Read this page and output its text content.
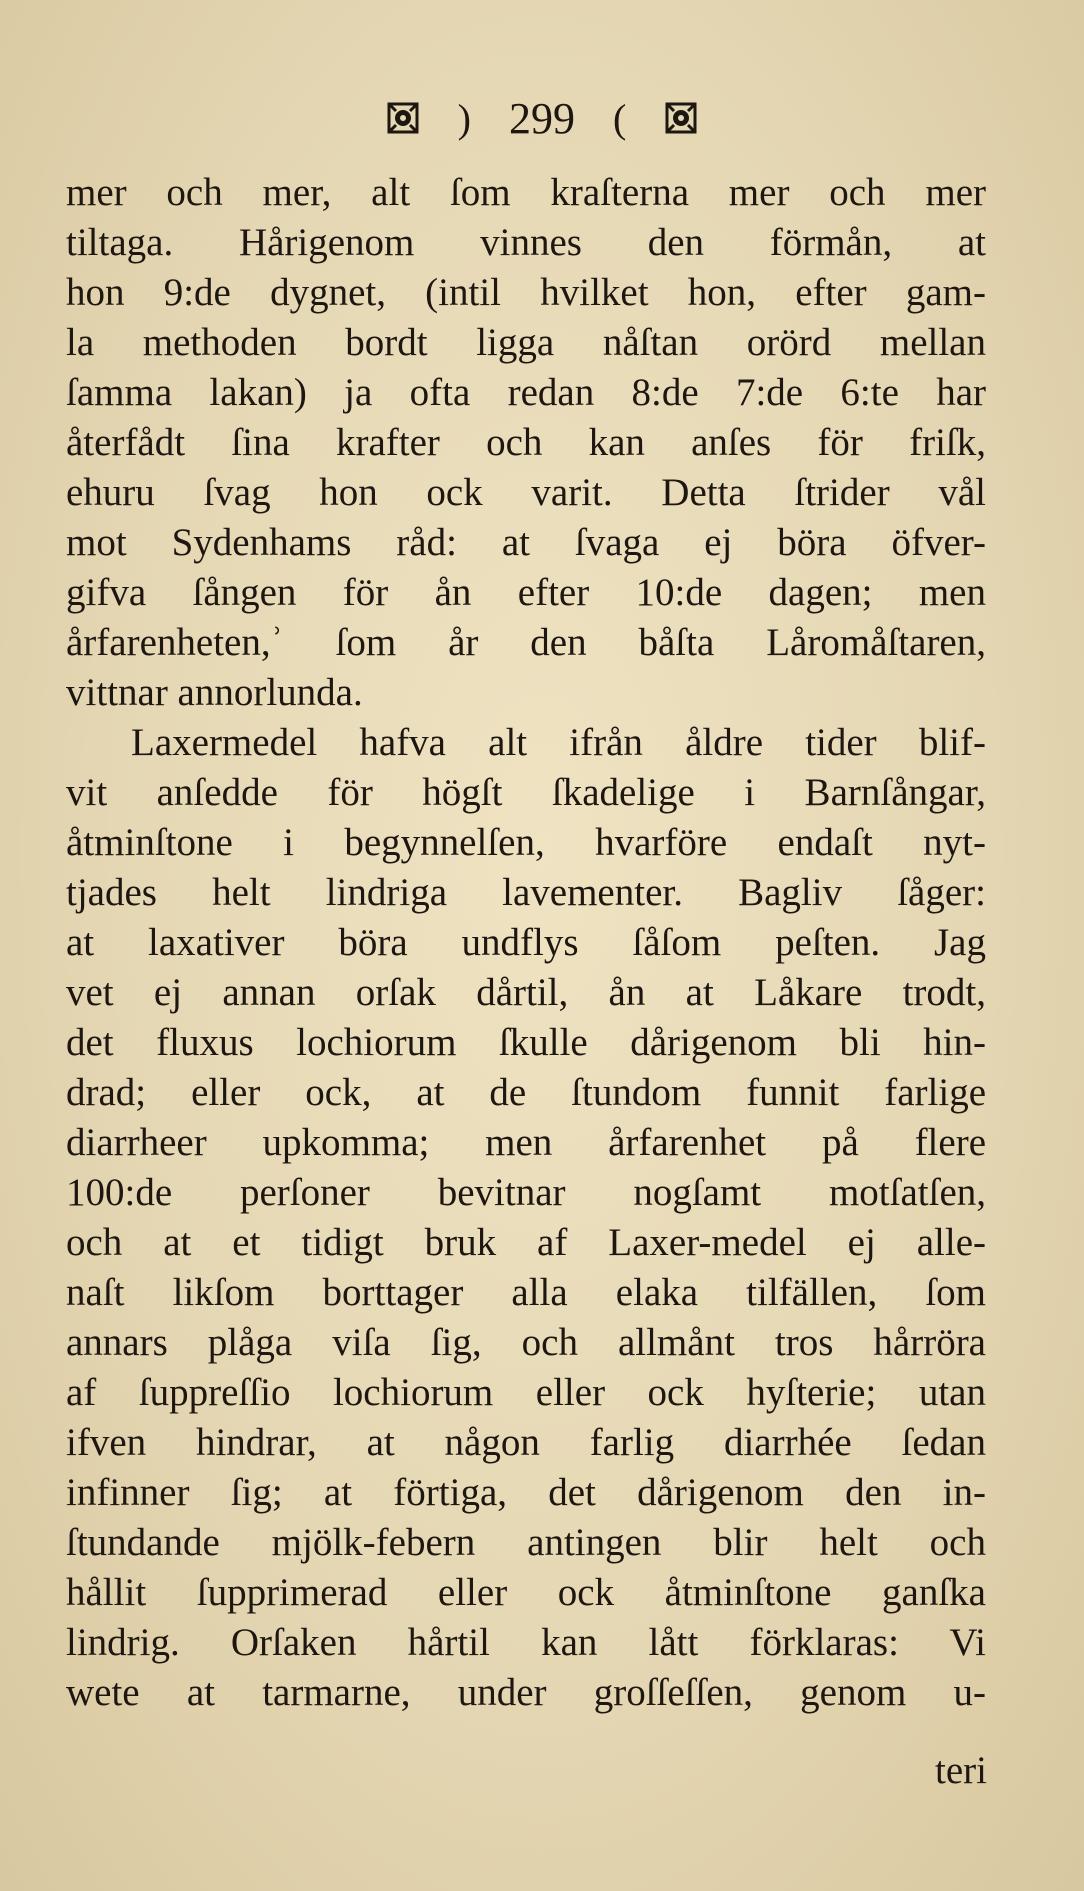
) 299 (
mer och mer, alt ſom kraſterna mer och mer
tiltaga. Hårigenom vinnes den förmån, at
hon 9:de dygnet, (intil hvilket hon, efter gam-
la methoden bordt ligga nåſtan orörd mellan
ſamma lakan) ja ofta redan 8:de 7:de 6:te har
återfådt ſina krafter och kan anſes för friſk,
ehuru ſvag hon ock varit. Detta ſtrider vål
mot Sydenhams råd: at ſvaga ej böra öfver-
gifva ſången för ån efter 10:de dagen; men
årfarenheten,ʾ ſom år den båſta Låromåſtaren,
vittnar annorlunda.
Laxermedel hafva alt ifrån åldre tider blif-
vit anſedde för högſt ſkadelige i Barnſångar,
åtminſtone i begynnelſen, hvarföre endaſt nyt-
tjades helt lindriga lavementer. Bagliv ſåger:
at laxativer böra undflys ſåſom peſten. Jag
vet ej annan orſak dårtil, ån at Låkare trodt,
det fluxus lochiorum ſkulle dårigenom bli hin-
drad; eller ock, at de ſtundom funnit farlige
diarrheer upkomma; men årfarenhet på flere
100:de perſoner bevitnar nogſamt motſatſen,
och at et tidigt bruk af Laxer-medel ej alle-
naſt likſom borttager alla elaka tilfällen, ſom
annars plåga viſa ſig, och allmånt tros hårröra
af ſuppreſſio lochiorum eller ock hyſterie; utan
ifven hindrar, at någon farlig diarrhée ſedan
infinner ſig; at förtiga, det dårigenom den in-
ſtundande mjölk-febern antingen blir helt och
hållit ſupprimerad eller ock åtminſtone ganſka
lindrig. Orſaken hårtil kan lått förklaras: Vi
wete at tarmarne, under groſſeſſen, genom u-
teri
